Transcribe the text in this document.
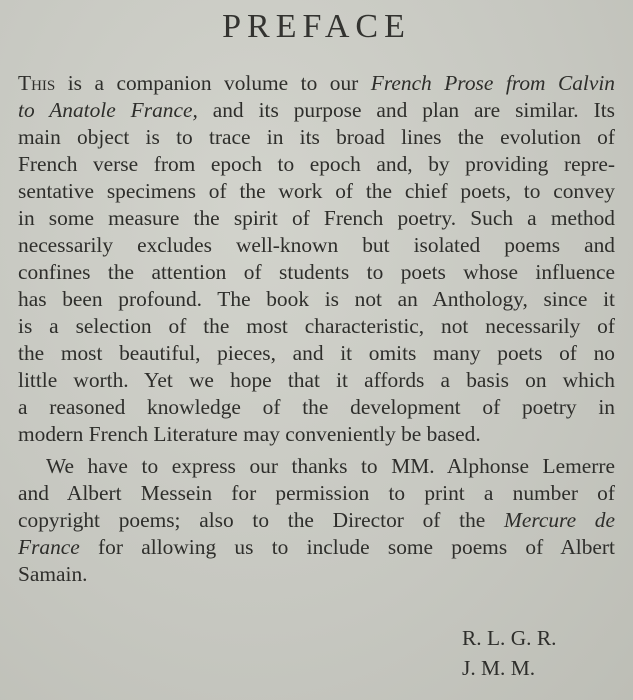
PREFACE
This is a companion volume to our French Prose from Calvin
to Anatole France, and its purpose and plan are similar. Its
main object is to trace in its broad lines the evolution of
French verse from epoch to epoch and, by providing repre-
sentative specimens of the work of the chief poets, to convey
in some measure the spirit of French poetry. Such a method
necessarily excludes well-known but isolated poems and
confines the attention of students to poets whose influence
has been profound. The book is not an Anthology, since it
is a selection of the most characteristic, not necessarily of
the most beautiful, pieces, and it omits many poets of no
little worth. Yet we hope that it affords a basis on which
a reasoned knowledge of the development of poetry in
modern French Literature may conveniently be based.
We have to express our thanks to MM. Alphonse Lemerre
and Albert Messein for permission to print a number of
copyright poems; also to the Director of the Mercure de
France for allowing us to include some poems of Albert
Samain.
R. L. G. R.
J. M. M.
